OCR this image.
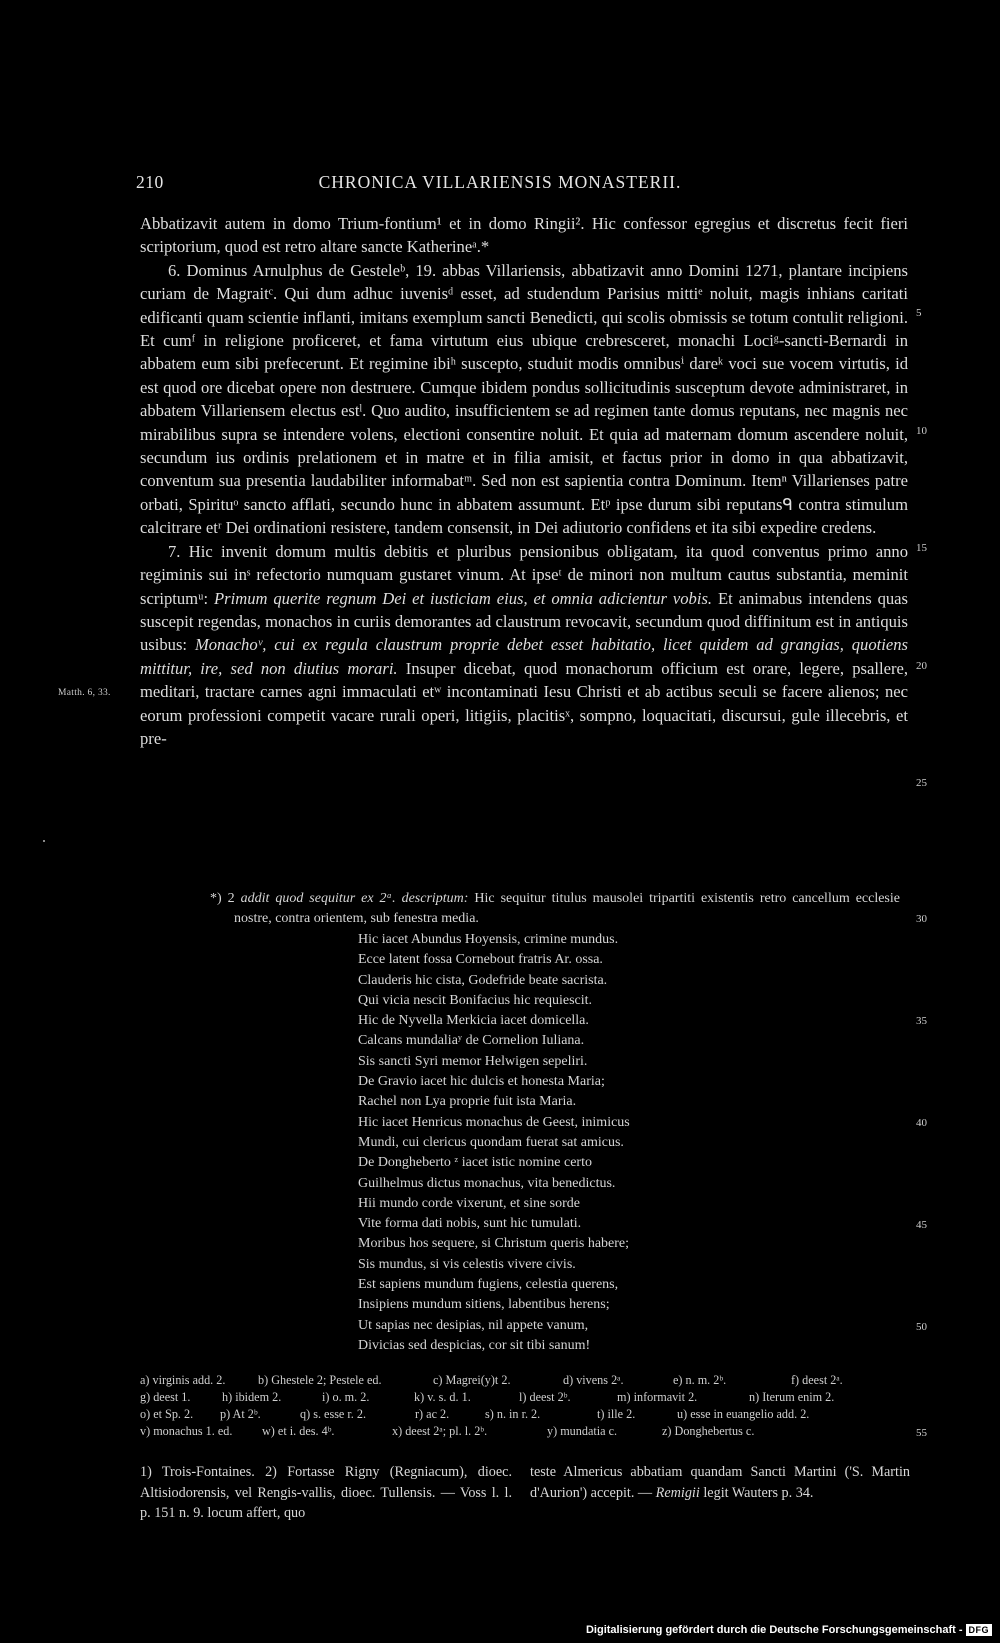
210	CHRONICA VILLARIENSIS MONASTERII.

Abbatizavit autem in domo Trium-fontium¹ et in domo Ringii². Hic confessor egregius et discretus fecit fieri scriptorium, quod est retro altare sancte Katherineᵃ.*

6. Dominus Arnulphus de Gesteleᵇ, 19. abbas Villariensis, abbatizavit anno Domini 1271, plantare incipiens curiam de Magraitᶜ. Qui dum adhuc iuvenisᵈ esset, ad studendum Parisius mittiᵉ noluit, magis inhians caritati edificanti quam scientie inflanti, imitans exemplum sancti Benedicti, qui scolis obmissis se totum contulit religioni. Et cumᶠ in religione proficeret, et fama virtutum eius ubique crebresceret, monachi Lociᵍ-sancti-Bernardi in abbatem eum sibi prefecerunt. Et regimine ibiʰ suscepto, studuit modis omnibusⁱ dareᵏ voci sue vocem virtutis, id est quod ore dicebat opere non destruere. Cumque ibidem pondus sollicitudinis susceptum devote administraret, in abbatem Villariensem electus estˡ. Quo audito, insufficientem se ad regimen tante domus reputans, nec magnis nec mirabilibus supra se intendere volens, electioni consentire noluit. Et quia ad maternam domum ascendere noluit, secundum ius ordinis prelationem et in matre et in filia amisit, et factus prior in domo in qua abbatizavit, conventum sua presentia laudabiliter informabatᵐ. Sed non est sapientia contra Dominum. Itemⁿ Villarienses patre orbati, Spirituᵒ sancto afflati, secundo hunc in abbatem assumunt. Etᵖ ipse durum sibi reputansᑫ contra stimulum calcitrare etʳ Dei ordinationi resistere, tandem consensit, in Dei adiutorio confidens et ita sibi expedire credens.

7. Hic invenit domum multis debitis et pluribus pensionibus obligatam, ita quod conventus primo anno regiminis sui inˢ refectorio numquam gustaret vinum. At ipseᵗ de minori non multum cautus substantia, meminit scriptumᵘ: Primum querite regnum Dei et iusticiam eius, et omnia adicientur vobis. Et animabus intendens quas suscepit regendas, monachos in curiis demorantes ad claustrum revocavit, secundum quod diffinitum est in antiquis usibus: Monachoᵛ, cui ex regula claustrum proprie debet esset habitatio, licet quidem ad grangias, quotiens mittitur, ire, sed non diutius morari. Insuper dicebat, quod monachorum officium est orare, legere, psallere, meditari, tractare carnes agni immaculati etʷ incontaminati Iesu Christi et ab actibus seculi se facere alienos; nec eorum professioni competit vacare rurali operi, litigiis, placitisˣ, sompno, loquacitati, discursui, gule illecebris, et pre-

Matth. 6, 33.
5
10
15
20
25
30
35
40
45
50
55

*) 2 addit quod sequitur ex 2ᵃ. descriptum: Hic sequitur titulus mausolei tripartiti existentis retro cancellum ecclesie nostre, contra orientem, sub fenestra media.

Hic iacet Abundus Hoyensis, crimine mundus.
Ecce latent fossa Cornebout fratris Ar. ossa.
Clauderis hic cista, Godefride beate sacrista.
Qui vicia nescit Bonifacius hic requiescit.
Hic de Nyvella Merkicia iacet domicella.
Calcans mundaliaʸ de Cornelion Iuliana.
Sis sancti Syri memor Helwigen sepeliri.
De Gravio iacet hic dulcis et honesta Maria;
Rachel non Lya proprie fuit ista Maria.
Hic iacet Henricus monachus de Geest, inimicus
Mundi, cui clericus quondam fuerat sat amicus.
De Dongheberto ᶻ iacet istic nomine certo
Guilhelmus dictus monachus, vita benedictus.
Hii mundo corde vixerunt, et sine sorde
Vite forma dati nobis, sunt hic tumulati.
Moribus hos sequere, si Christum queris habere;
Sis mundus, si vis celestis vivere civis.
Est sapiens mundum fugiens, celestia querens,
Insipiens mundum sitiens, labentibus herens;
Ut sapias nec desipias, nil appete vanum,
Divicias sed despicias, cor sit tibi sanum!
a) virginis add. 2.	b) Ghestele 2; Pestele ed.	c) Magrei(y)t 2.	d) vivens 2ᵃ.	e) n. m. 2ᵇ.	f) deest 2ᵃ.
g) deest 1.	h) ibidem 2.	i) o. m. 2.	k) v. s. d. 1.	l) deest 2ᵇ.	m) informavit 2.	n) Iterum enim 2.
o) et Sp. 2.	p) At 2ᵇ.	q) s. esse r. 2.	r) ac 2.	s) n. in r. 2.	t) ille 2.	u) esse in euangelio add. 2.
v) monachus 1. ed.	w) et i. des. 4ᵇ.	x) deest 2ᵃ; pl. l. 2ᵇ.	y) mundatia c.	z) Donghebertus c.

1) Trois-Fontaines. 2) Fortasse Rigny (Regniacum), dioec. Altisiodorensis, vel Rengis-vallis, dioec. Tullensis. — Voss l. l. p. 151 n. 9. locum affert, quo

teste Almericus abbatiam quandam Sancti Martini ('S. Martin d'Aurion') accepit. — Remigii legit Wauters p. 34.

Digitalisierung gefördert durch die Deutsche Forschungsgemeinschaft - DFG
